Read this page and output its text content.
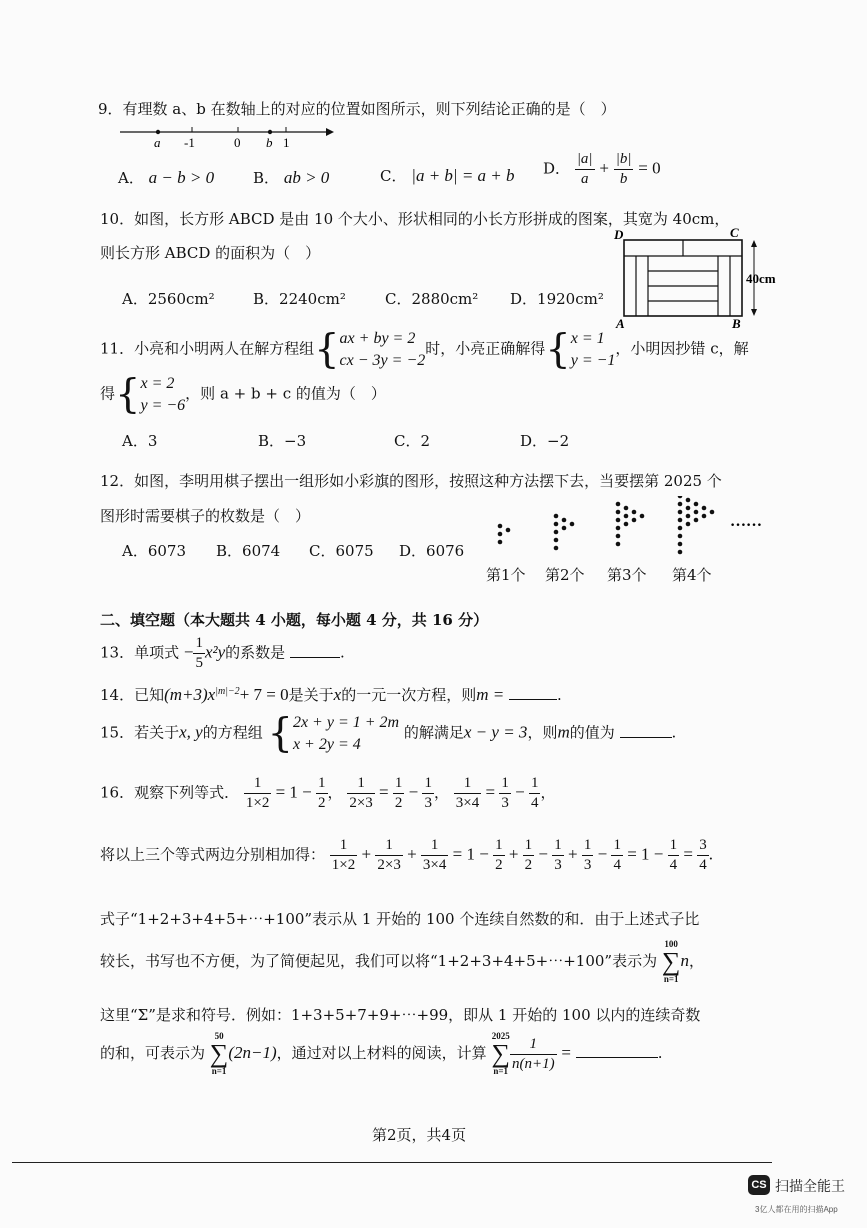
9．有理数 a、b 在数轴上的对应的位置如图所示，则下列结论正确的是（　）
a -1	0 b 1
A． a − b > 0	B． ab > 0	C． |a + b| = a + b D． $\frac{|a|}{a} + \frac{|b|}{b} = 0$
10．如图，长方形 ABCD 是由 10 个大小、形状相同的小长方形拼成的图案，其宽为 40cm，
则长方形 ABCD 的面积为（　）
A．2560cm²	B．2240cm²	C．2880cm² D．1920cm²
D	C
A	B
40cm
11．小亮和小明两人在解方程组{ ax + by = 2
cx − 3y = −2
时，小亮正确解得{ x = 1
y = −1
，小明因抄错 c，解
得{ x = 2
y = −6
，则 a + b + c 的值为（　）
A．3	B．−3	C．2	D．−2
12．如图，李明用棋子摆出一组形如小彩旗的图形，按照这种方法摆下去，当要摆第 2025 个
图形时需要棋子的枚数是（　）
A．6073 B．6074 C．6075 D．6076
……
第1个 第2个 第3个 第4个
二、填空题（本大题共 4 小题，每小题 4 分，共 16 分）
13．单项式 − $\frac{1}{5} x^2y$的系数是	.
14．已知$(m+3)x^{|m|-2}+ 7 = 0$是关于x的一元一次方程，则m =	.
15．若关于x, y的方程组 { 2x + y = 1 + 2m
x + 2y = 4
的解满足x − y = 3，则m的值为	.
16．观察下列等式． $\frac{1}{1\times 2} = 1 - \frac{1}{2}$ ， $\frac{1}{2\times 3} = \frac{1}{2} - \frac{1}{3}$ ， $\frac{1}{3\times 4} = \frac{1}{3} - \frac{1}{4}$ ，
将以上三个等式两边分别相加得： $\frac{1}{1\times 2} + \frac{1}{2\times 3} + \frac{1}{3\times 4} = 1 - \frac{1}{2} + \frac{1}{2} - \frac{1}{3} + \frac{1}{3} - \frac{1}{4} = 1 - \frac{1}{4} = \frac{3}{4}$ .
式子“1+2+3+4+5+⋯+100”表示从 1 开始的 100 个连续自然数的和．由于上述式子比
较长，书写也不方便，为了简便起见，我们可以将“1+2+3+4+5+⋯+100”表示为
100
∑
n=1
n，
这里“Σ”是求和符号．例如：1+3+5+7+9+⋯+99，即从 1 开始的 100 以内的连续奇数
的和，可表示为
50
∑
n=1
(2n−1)，通过对以上材料的阅读，计算
2025
∑
$n=1 \frac{1}{n(n+1)}$ =	.
第2页，共4页
CS 扫描全能王
3亿人都在用的扫描App
